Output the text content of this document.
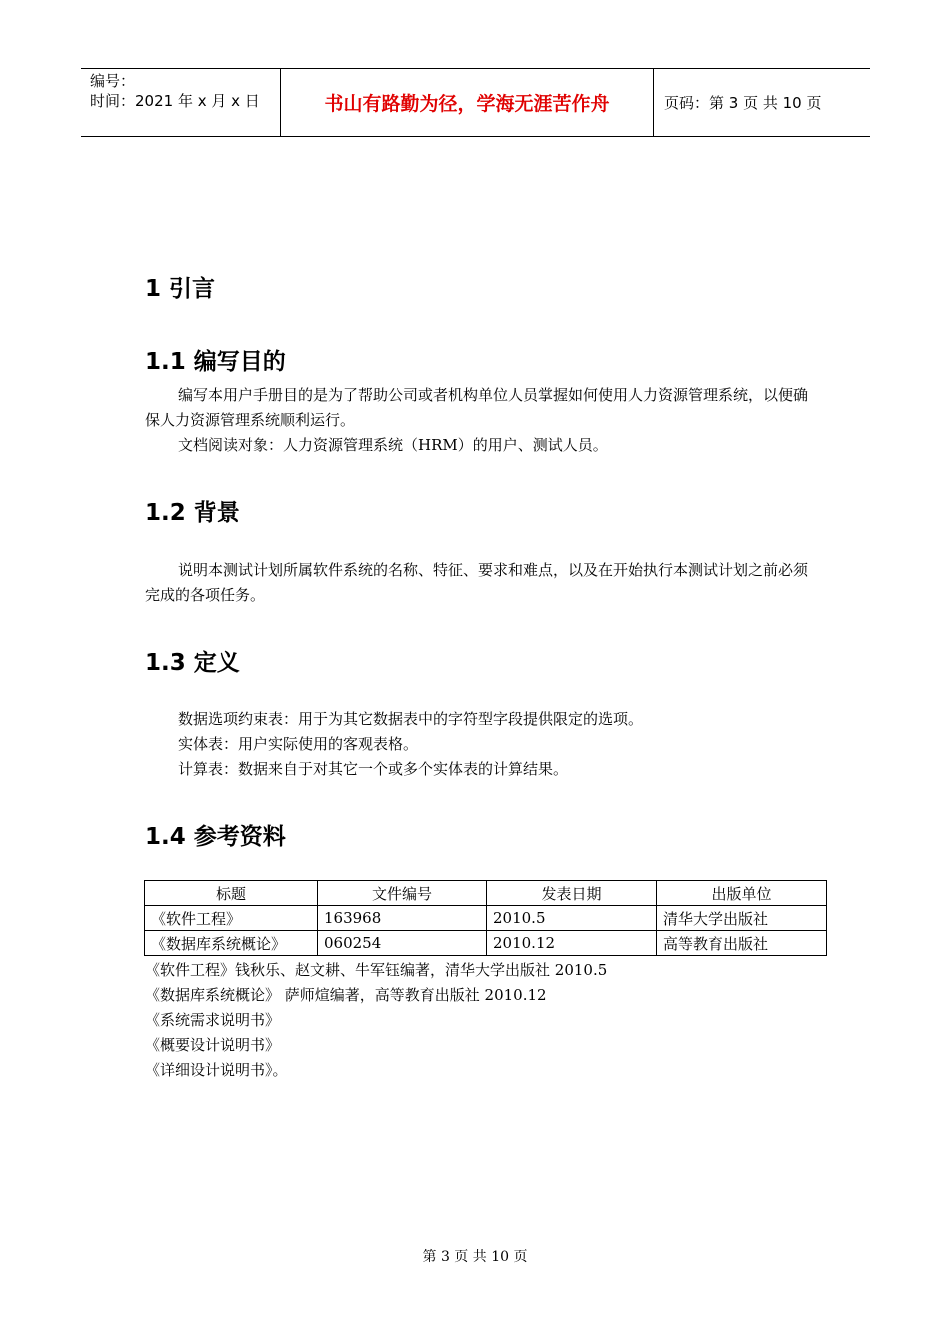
编号：
时间：2021 年 x 月 x 日	书山有路勤为径，学海无涯苦作舟	页码：第 3 页 共 10 页
1 引言
1.1 编写目的

编写本用户手册目的是为了帮助公司或者机构单位人员掌握如何使用人力资源管理系统，以便确保人力资源管理系统顺利运行。

文档阅读对象：人力资源管理系统（HRM）的用户、测试人员。

1.2 背景

说明本测试计划所属软件系统的名称、特征、要求和难点，以及在开始执行本测试计划之前必须完成的各项任务。

1.3 定义

数据选项约束表：用于为其它数据表中的字符型字段提供限定的选项。

实体表：用户实际使用的客观表格。

计算表：数据来自于对其它一个或多个实体表的计算结果。

1.4 参考资料
标题	文件编号	发表日期	出版单位
《软件工程》	163968	2010.5	清华大学出版社
《数据库系统概论》	060254	2010.12	高等教育出版社
《软件工程》钱秋乐、赵文耕、牛军钰编著，清华大学出版社 2010.5
《数据库系统概论》 萨师煊编著，高等教育出版社 2010.12
《系统需求说明书》
《概要设计说明书》
《详细设计说明书》。
第 3 页 共 10 页
